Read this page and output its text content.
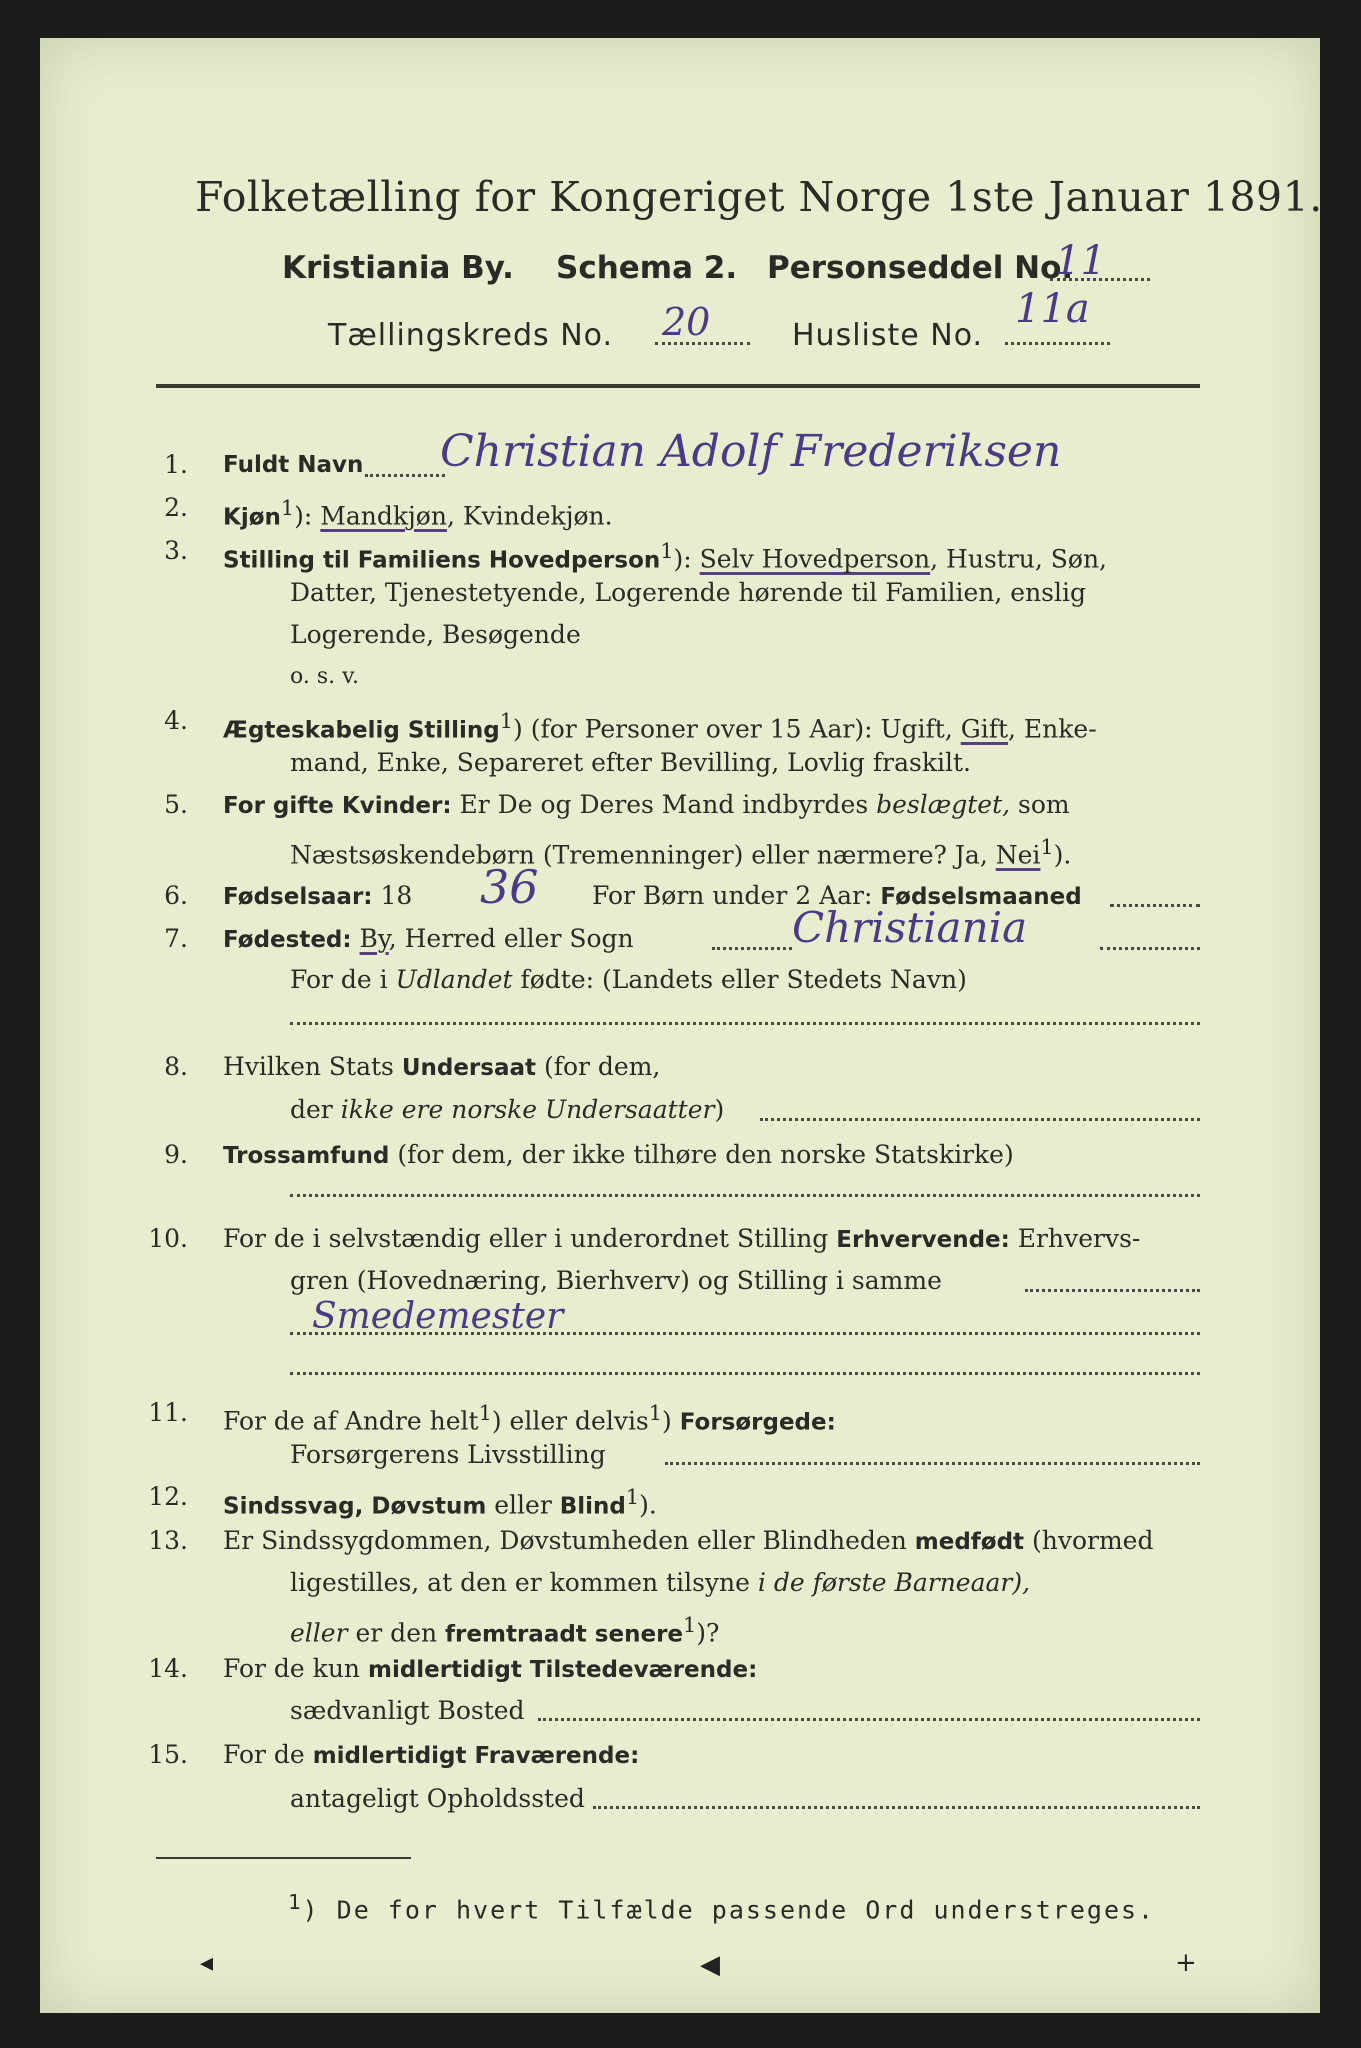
Folketælling for Kongeriget Norge 1ste Januar 1891.
Kristiania By. Schema 2. Personseddel No.
11
Tællingskreds No. 20	Husliste No.
11a
1. Fuldt Navn Christian Adolf Frederiksen
2. Kjøn$^1$): Mandkjøn, Kvindekjøn.
3. Stilling til Familiens Hovedperson$^1$): Selv Hovedperson, Hustru, Søn,
Datter, Tjenestetyende, Logerende hørende til Familien, enslig
Logerende, Besøgende
o. s. v.
4. Ægteskabelig Stilling$^1$) (for Personer over 15 Aar): Ugift, Gift, Enke-
mand, Enke, Separeret efter Bevilling, Lovlig fraskilt.
5. For gifte Kvinder: Er De og Deres Mand indbyrdes beslægtet, som
Næstsøskendebørn (Tremenninger) eller nærmere? Ja, Nei$^1$).
6. Fødselsaar: 18 36 For Børn under 2 Aar: Fødselsmaaned
7. Fødested: By, Herred eller Sogn	Christiania
For de i Udlandet fødte: (Landets eller Stedets Navn)
8. Hvilken Stats Undersaat (for dem,
der ikke ere norske Undersaatter)
9. Trossamfund (for dem, der ikke tilhøre den norske Statskirke)
10. For de i selvstændig eller i underordnet Stilling Erhvervende: Erhvervs-
gren (Hovednæring, Bierhverv) og Stilling i samme
Smedemester
11. For de af Andre helt$^1$) eller delvis$^1$) Forsørgede:
Forsørgerens Livsstilling
12. Sindssvag, Døvstum eller Blind$^1$).
13. Er Sindssygdommen, Døvstumheden eller Blindheden medfødt (hvormed
ligestilles, at den er kommen tilsyne i de første Barneaar),
eller er den fremtraadt senere$^1$)?
14. For de kun midlertidigt Tilstedeværende:
sædvanligt Bosted
15. For de midlertidigt Fraværende:
antageligt Opholdssted
$^1$) De for hvert Tilfælde passende Ord understreges.
◂	◀	+
